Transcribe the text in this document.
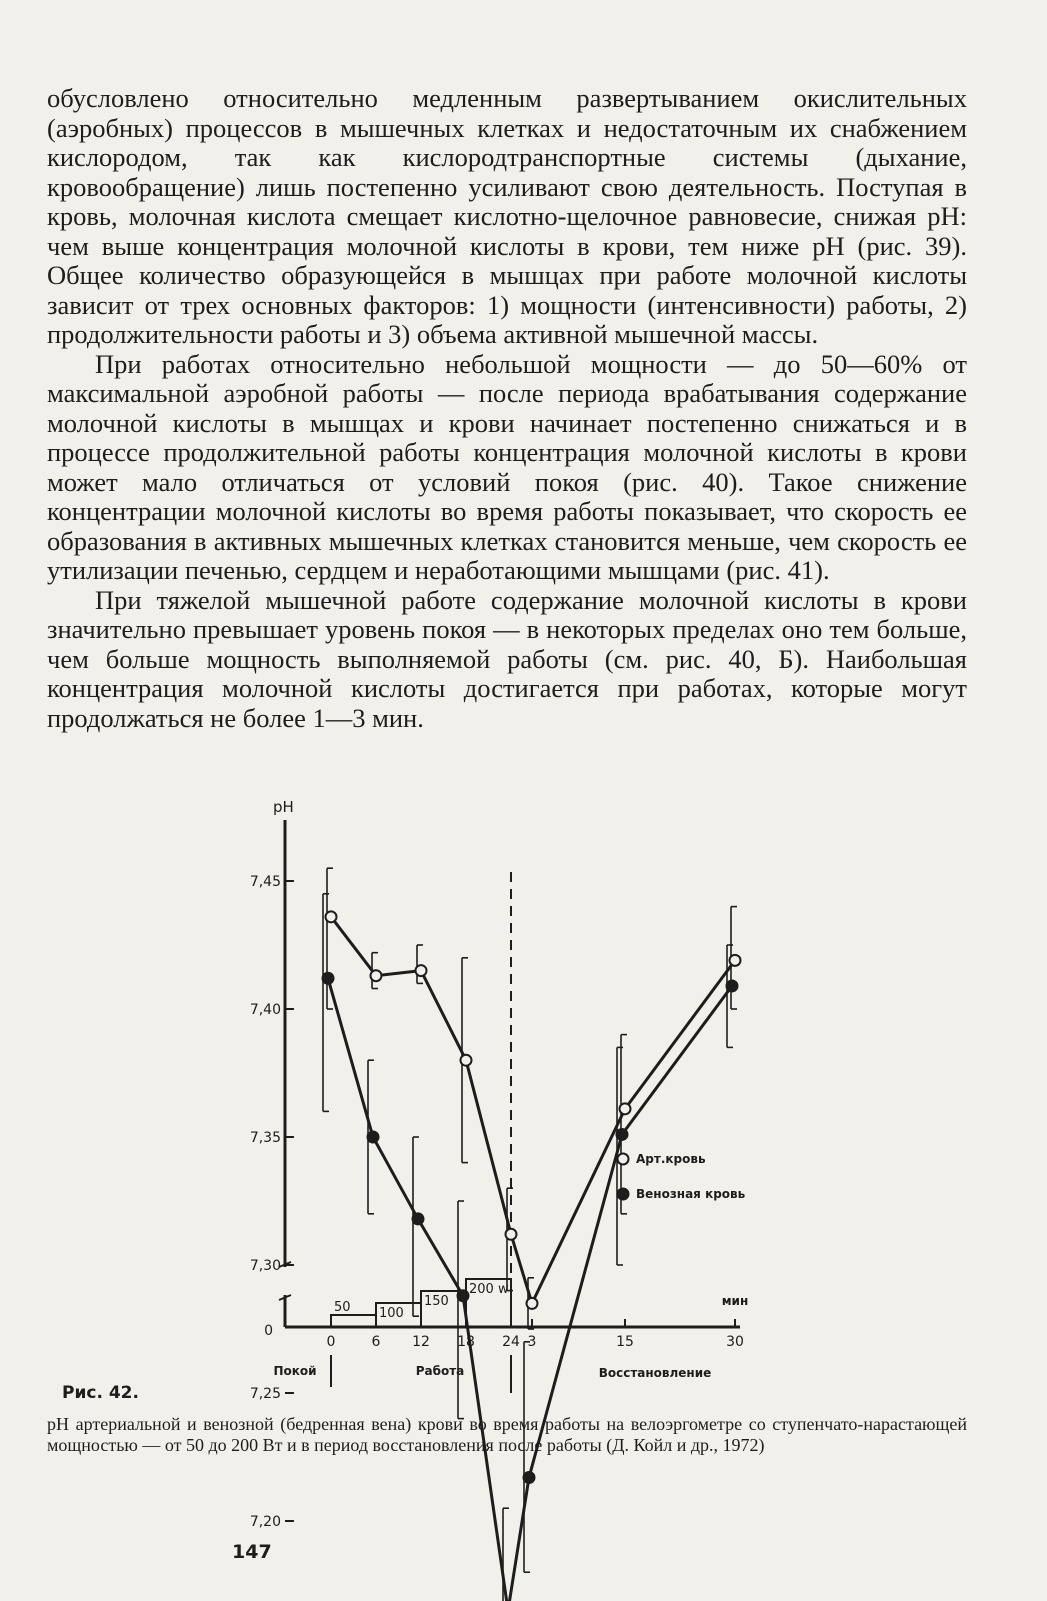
обусловлено относительно медленным развертыванием окислительных (аэробных) процессов в мышечных клетках и недостаточным их снабжением кислородом, так как кислородтранспортные системы (дыхание, кровообращение) лишь постепенно усиливают свою деятельность. Поступая в кровь, молочная кислота смещает кислотно-щелочное равновесие, снижая pH: чем выше концентрация молочной кислоты в крови, тем ниже pH (рис. 39). Общее количество образующейся в мышцах при работе молочной кислоты зависит от трех основных факторов: 1) мощности (интенсивности) работы, 2) продолжительности работы и 3) объема активной мышечной массы.

При работах относительно небольшой мощности — до 50—60% от максимальной аэробной работы — после периода врабатывания содержание молочной кислоты в мышцах и крови начинает постепенно снижаться и в процессе продолжительной работы концентрация молочной кислоты в крови может мало отличаться от условий покоя (рис. 40). Такое снижение концентрации молочной кислоты во время работы показывает, что скорость ее образования в активных мышечных клетках становится меньше, чем скорость ее утилизации печенью, сердцем и неработающими мышцами (рис. 41).

При тяжелой мышечной работе содержание молочной кислоты в крови значительно превышает уровень покоя — в некоторых пределах оно тем больше, чем больше мощность выполняемой работы (см. рис. 40, Б). Наибольшая концентрация молочной кислоты достигается при работах, которые могут продолжаться не более 1—3 мин.

pH
7,45
7,40
7,35
7,30
7,25
7,20
0
0	6 12 18 24 3	15	30
мин
50 100
150
200 w
Покой	Работа	Восстановление
Арт.кровь
Венозная кровь
Рис. 42.
pH артериальной и венозной (бедренная вена) крови во время работы на велоэргометре со ступенчато-нарастающей мощностью — от 50 до 200 Вт и в период восстановления после работы (Д. Койл и др., 1972)
147
